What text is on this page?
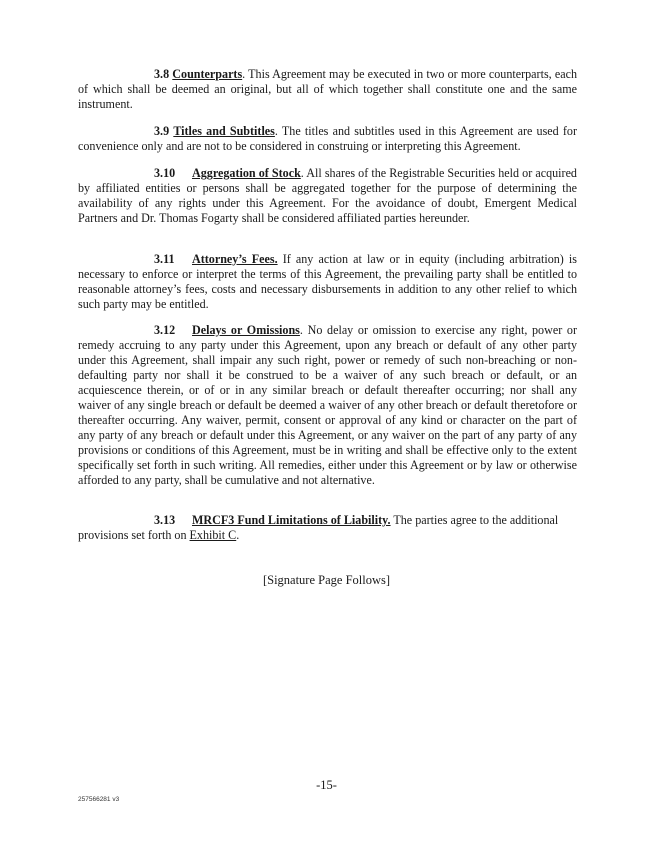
3.8 Counterparts. This Agreement may be executed in two or more counterparts, each of which shall be deemed an original, but all of which together shall constitute one and the same instrument.

3.9 Titles and Subtitles. The titles and subtitles used in this Agreement are used for convenience only and are not to be considered in construing or interpreting this Agreement.

3.10 Aggregation of Stock. All shares of the Registrable Securities held or acquired by affiliated entities or persons shall be aggregated together for the purpose of determining the availability of any rights under this Agreement. For the avoidance of doubt, Emergent Medical Partners and Dr. Thomas Fogarty shall be considered affiliated parties hereunder.

3.11 Attorney’s Fees. If any action at law or in equity (including arbitration) is necessary to enforce or interpret the terms of this Agreement, the prevailing party shall be entitled to reasonable attorney’s fees, costs and necessary disbursements in addition to any other relief to which such party may be entitled.

3.12 Delays or Omissions. No delay or omission to exercise any right, power or remedy accruing to any party under this Agreement, upon any breach or default of any other party under this Agreement, shall impair any such right, power or remedy of such non-breaching or non-defaulting party nor shall it be construed to be a waiver of any such breach or default, or an acquiescence therein, or of or in any similar breach or default thereafter occurring; nor shall any waiver of any single breach or default be deemed a waiver of any other breach or default theretofore or thereafter occurring. Any waiver, permit, consent or approval of any kind or character on the part of any party of any breach or default under this Agreement, or any waiver on the part of any party of any provisions or conditions of this Agreement, must be in writing and shall be effective only to the extent specifically set forth in such writing. All remedies, either under this Agreement or by law or otherwise afforded to any party, shall be cumulative and not alternative.

3.13 MRCF3 Fund Limitations of Liability. The parties agree to the additional provisions set forth on Exhibit C.

[Signature Page Follows]
-15-
257566281 v3
